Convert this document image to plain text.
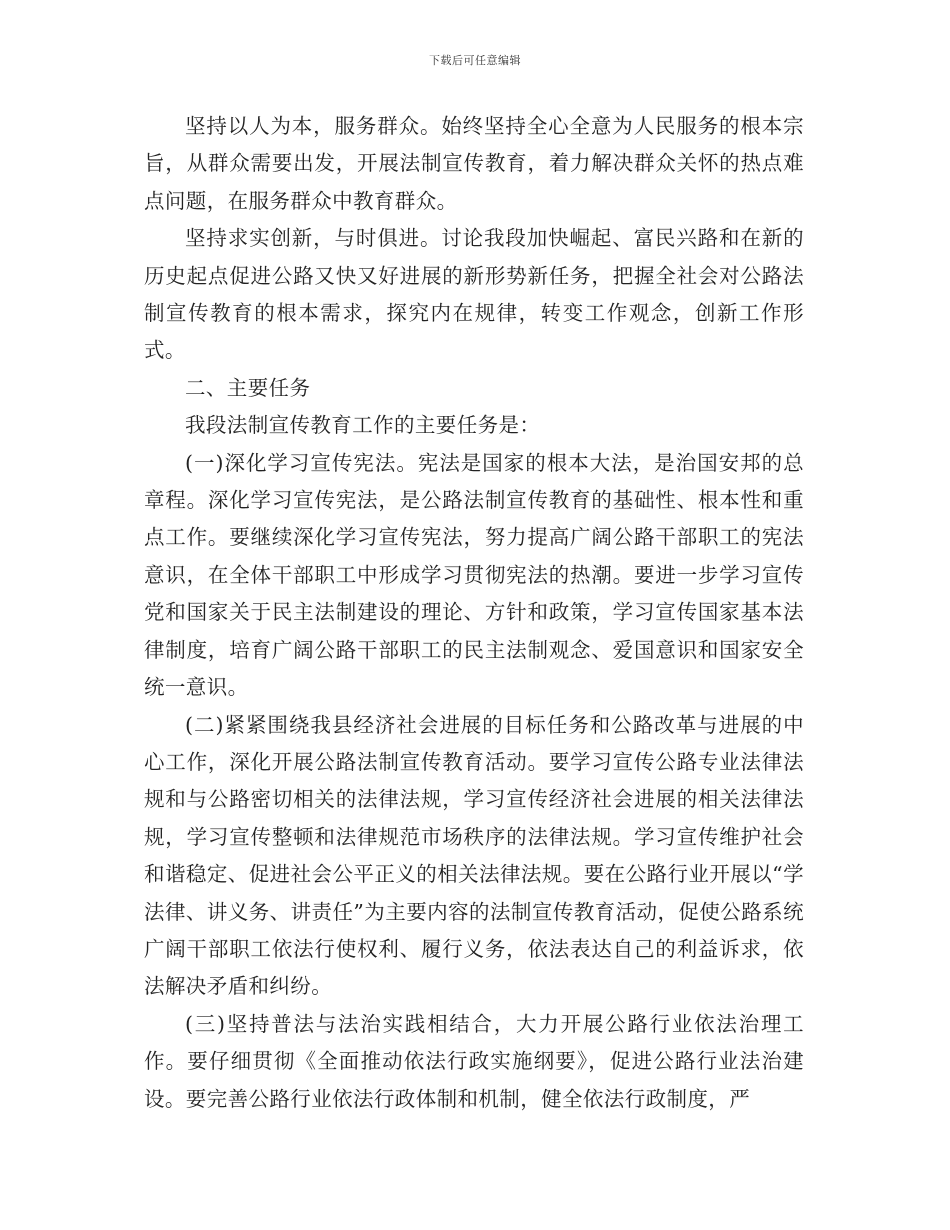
下载后可任意编辑

坚持以人为本，服务群众。始终坚持全心全意为人民服务的根本宗旨，从群众需要出发，开展法制宣传教育，着力解决群众关怀的热点难点问题，在服务群众中教育群众。

坚持求实创新，与时俱进。讨论我段加快崛起、富民兴路和在新的历史起点促进公路又快又好进展的新形势新任务，把握全社会对公路法制宣传教育的根本需求，探究内在规律，转变工作观念，创新工作形式。

二、主要任务

我段法制宣传教育工作的主要任务是：

(一)深化学习宣传宪法。宪法是国家的根本大法，是治国安邦的总章程。深化学习宣传宪法，是公路法制宣传教育的基础性、根本性和重点工作。要继续深化学习宣传宪法，努力提高广阔公路干部职工的宪法意识，在全体干部职工中形成学习贯彻宪法的热潮。要进一步学习宣传党和国家关于民主法制建设的理论、方针和政策，学习宣传国家基本法律制度，培育广阔公路干部职工的民主法制观念、爱国意识和国家安全统一意识。

(二)紧紧围绕我县经济社会进展的目标任务和公路改革与进展的中心工作，深化开展公路法制宣传教育活动。要学习宣传公路专业法律法规和与公路密切相关的法律法规，学习宣传经济社会进展的相关法律法规，学习宣传整顿和法律规范市场秩序的法律法规。学习宣传维护社会和谐稳定、促进社会公平正义的相关法律法规。要在公路行业开展以“学法律、讲义务、讲责任”为主要内容的法制宣传教育活动，促使公路系统广阔干部职工依法行使权利、履行义务，依法表达自己的利益诉求，依法解决矛盾和纠纷。

(三)坚持普法与法治实践相结合，大力开展公路行业依法治理工作。要仔细贯彻《全面推动依法行政实施纲要》，促进公路行业法治建设。要完善公路行业依法行政体制和机制，健全依法行政制度，严
